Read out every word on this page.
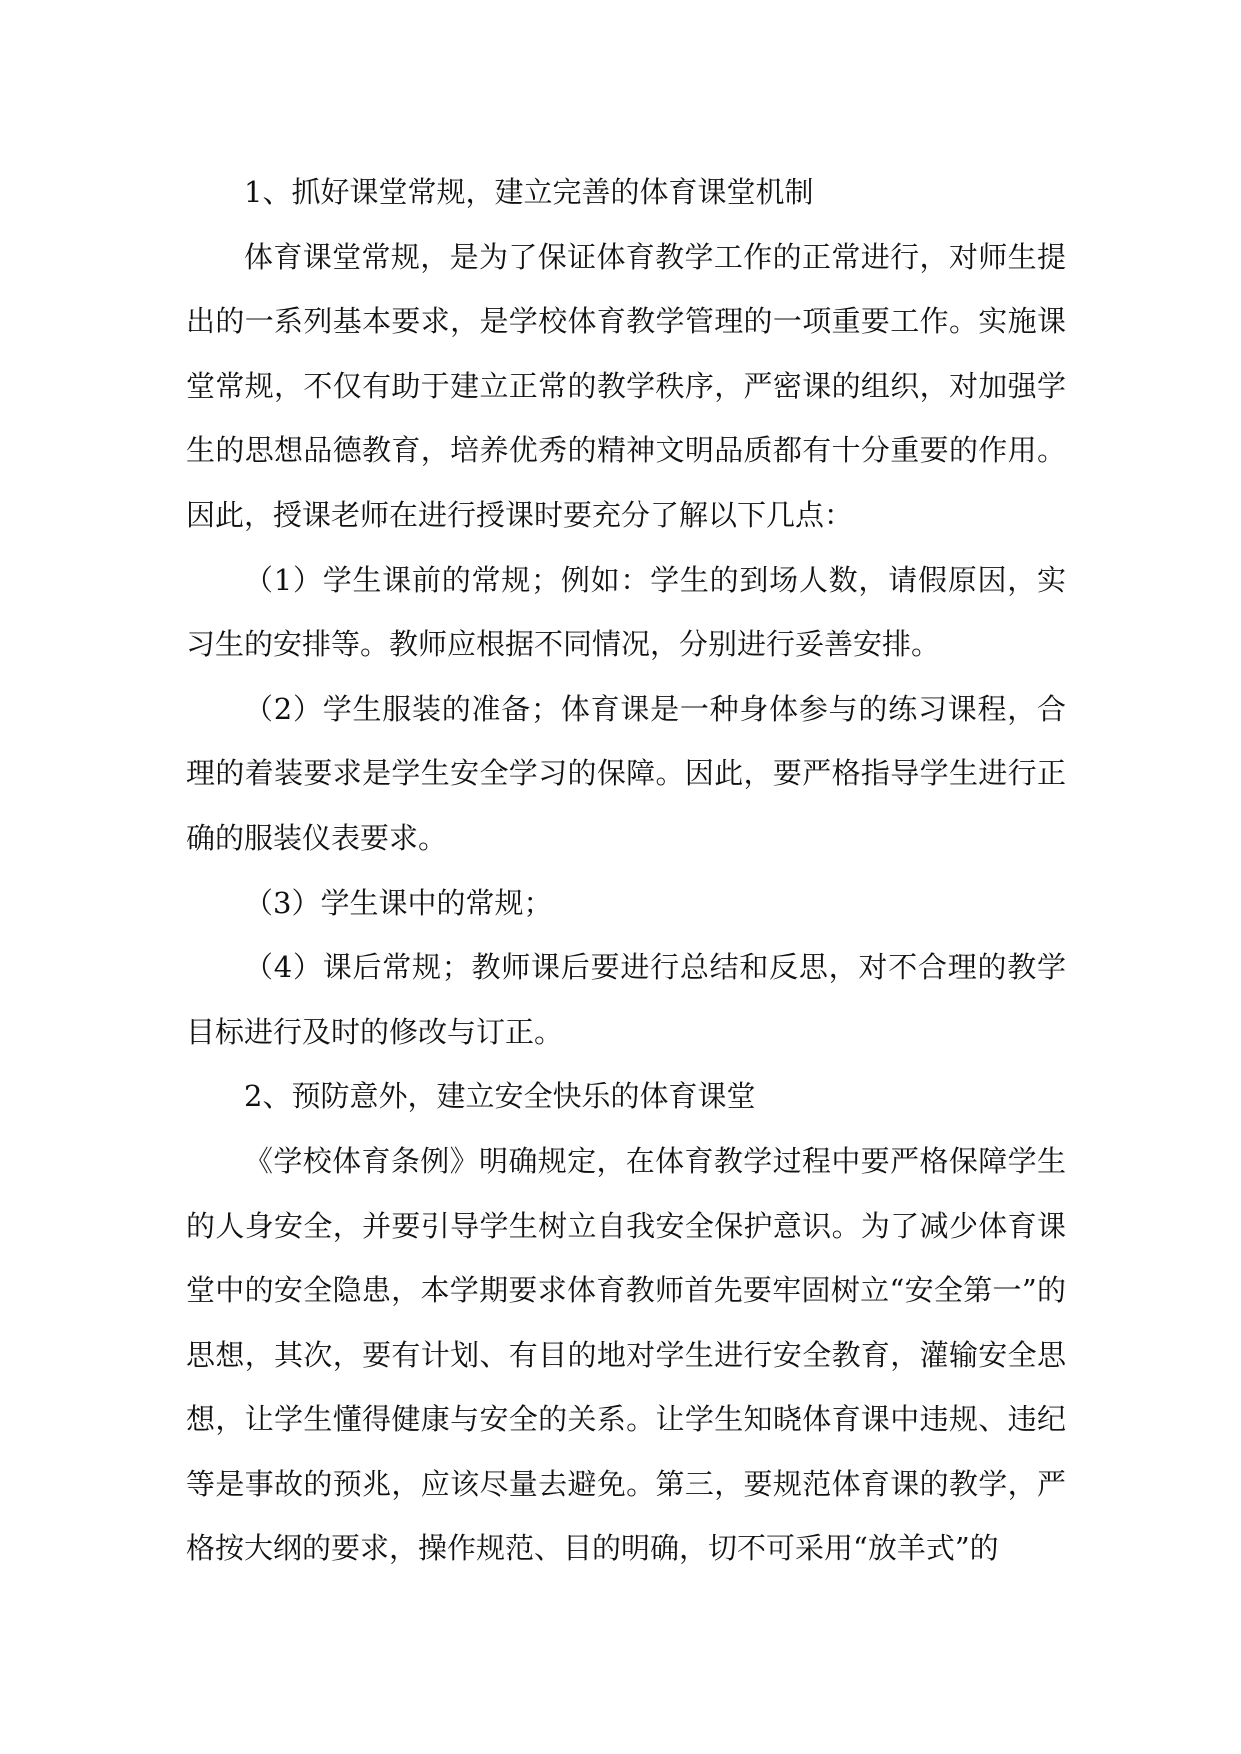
1、抓好课堂常规，建立完善的体育课堂机制

体育课堂常规，是为了保证体育教学工作的正常进行，对师生提出的一系列基本要求，是学校体育教学管理的一项重要工作。实施课堂常规，不仅有助于建立正常的教学秩序，严密课的组织，对加强学生的思想品德教育，培养优秀的精神文明品质都有十分重要的作用。因此，授课老师在进行授课时要充分了解以下几点：

（1）学生课前的常规；例如：学生的到场人数，请假原因，实习生的安排等。教师应根据不同情况，分别进行妥善安排。

（2）学生服装的准备；体育课是一种身体参与的练习课程，合理的着装要求是学生安全学习的保障。因此，要严格指导学生进行正确的服装仪表要求。

（3）学生课中的常规；

（4）课后常规；教师课后要进行总结和反思，对不合理的教学目标进行及时的修改与订正。

2、预防意外，建立安全快乐的体育课堂

《学校体育条例》明确规定，在体育教学过程中要严格保障学生的人身安全，并要引导学生树立自我安全保护意识。为了减少体育课堂中的安全隐患，本学期要求体育教师首先要牢固树立“安全第一”的思想，其次，要有计划、有目的地对学生进行安全教育，灌输安全思想，让学生懂得健康与安全的关系。让学生知晓体育课中违规、违纪等是事故的预兆，应该尽量去避免。第三，要规范体育课的教学，严格按大纲的要求，操作规范、目的明确，切不可采用“放羊式”的
